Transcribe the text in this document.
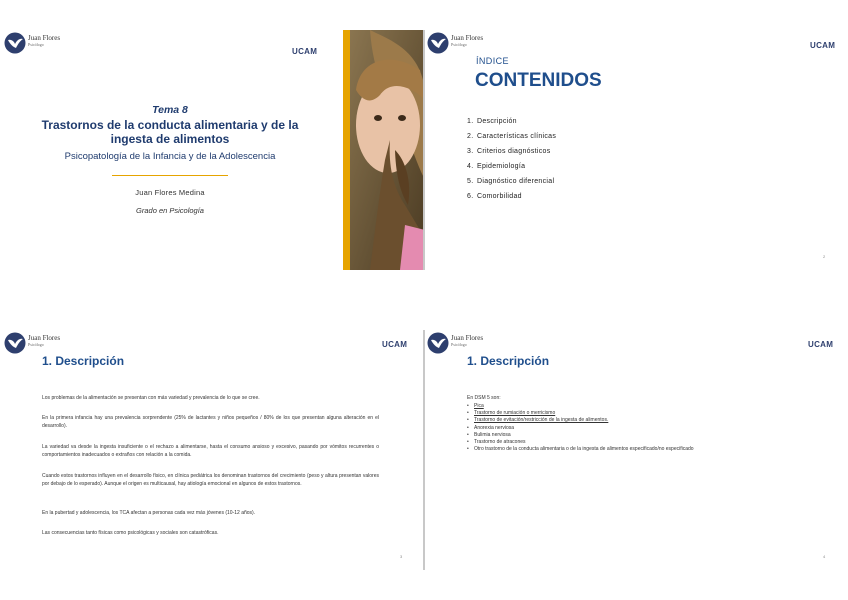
Juan Flores
Psicólogo
UCAM
Tema 8
Trastornos de la conducta alimentaria y de la ingesta de alimentos
Psicopatología de la Infancia y de la Adolescencia
Juan Flores Medina
Grado en Psicología
Juan Flores
Psicólogo	UCAM
ÍNDICE
CONTENIDOS
1. Descripción
2. Características clínicas
3. Criterios diagnósticos
4. Epidemiología
5. Diagnóstico diferencial
6. Comorbilidad
2
Juan Flores
Psicólogo	UCAM
1. Descripción

Los problemas de la alimentación se presentan con más variedad y prevalencia de lo que se cree.

En la primera infancia hay una prevalencia sorprendente (25% de lactantes y niños pequeños / 80% de los que presentan alguna alteración en el desarrollo).

La variedad va desde la ingesta insuficiente o el rechazo a alimentarse, hasta el consumo ansioso y excesivo, pasando por vómitos recurrentes o comportamientos inadecuados o extraños con relación a la comida.

Cuando estos trastornos influyen en el desarrollo físico, en clínica pediátrica los denominan trastornos del crecimiento (peso y altura presentan valores por debajo de lo esperado). Aunque el origen es multicausal, hay atiología emocional en algunos de estos trastornos.

En la pubertad y adolescencia, los TCA afectan a personas cada vez más jóvenes (10-12 años).

Las consecuencias tanto físicas como psicológicas y sociales son catastróficas.

3
Juan Flores
Psicólogo	UCAM
1. Descripción
En DSM 5 son:
• Pica
• Trastorno de rumiación o merricismo
• Trastorno de evitación/restricción de la ingesta de alimentos.
• Anorexia nerviosa
• Bulimia nerviosa
• Trastorno de atracones
• Otro trastorno de la conducta alimentaria o de la ingesta de alimentos especificado/no especificado
4
